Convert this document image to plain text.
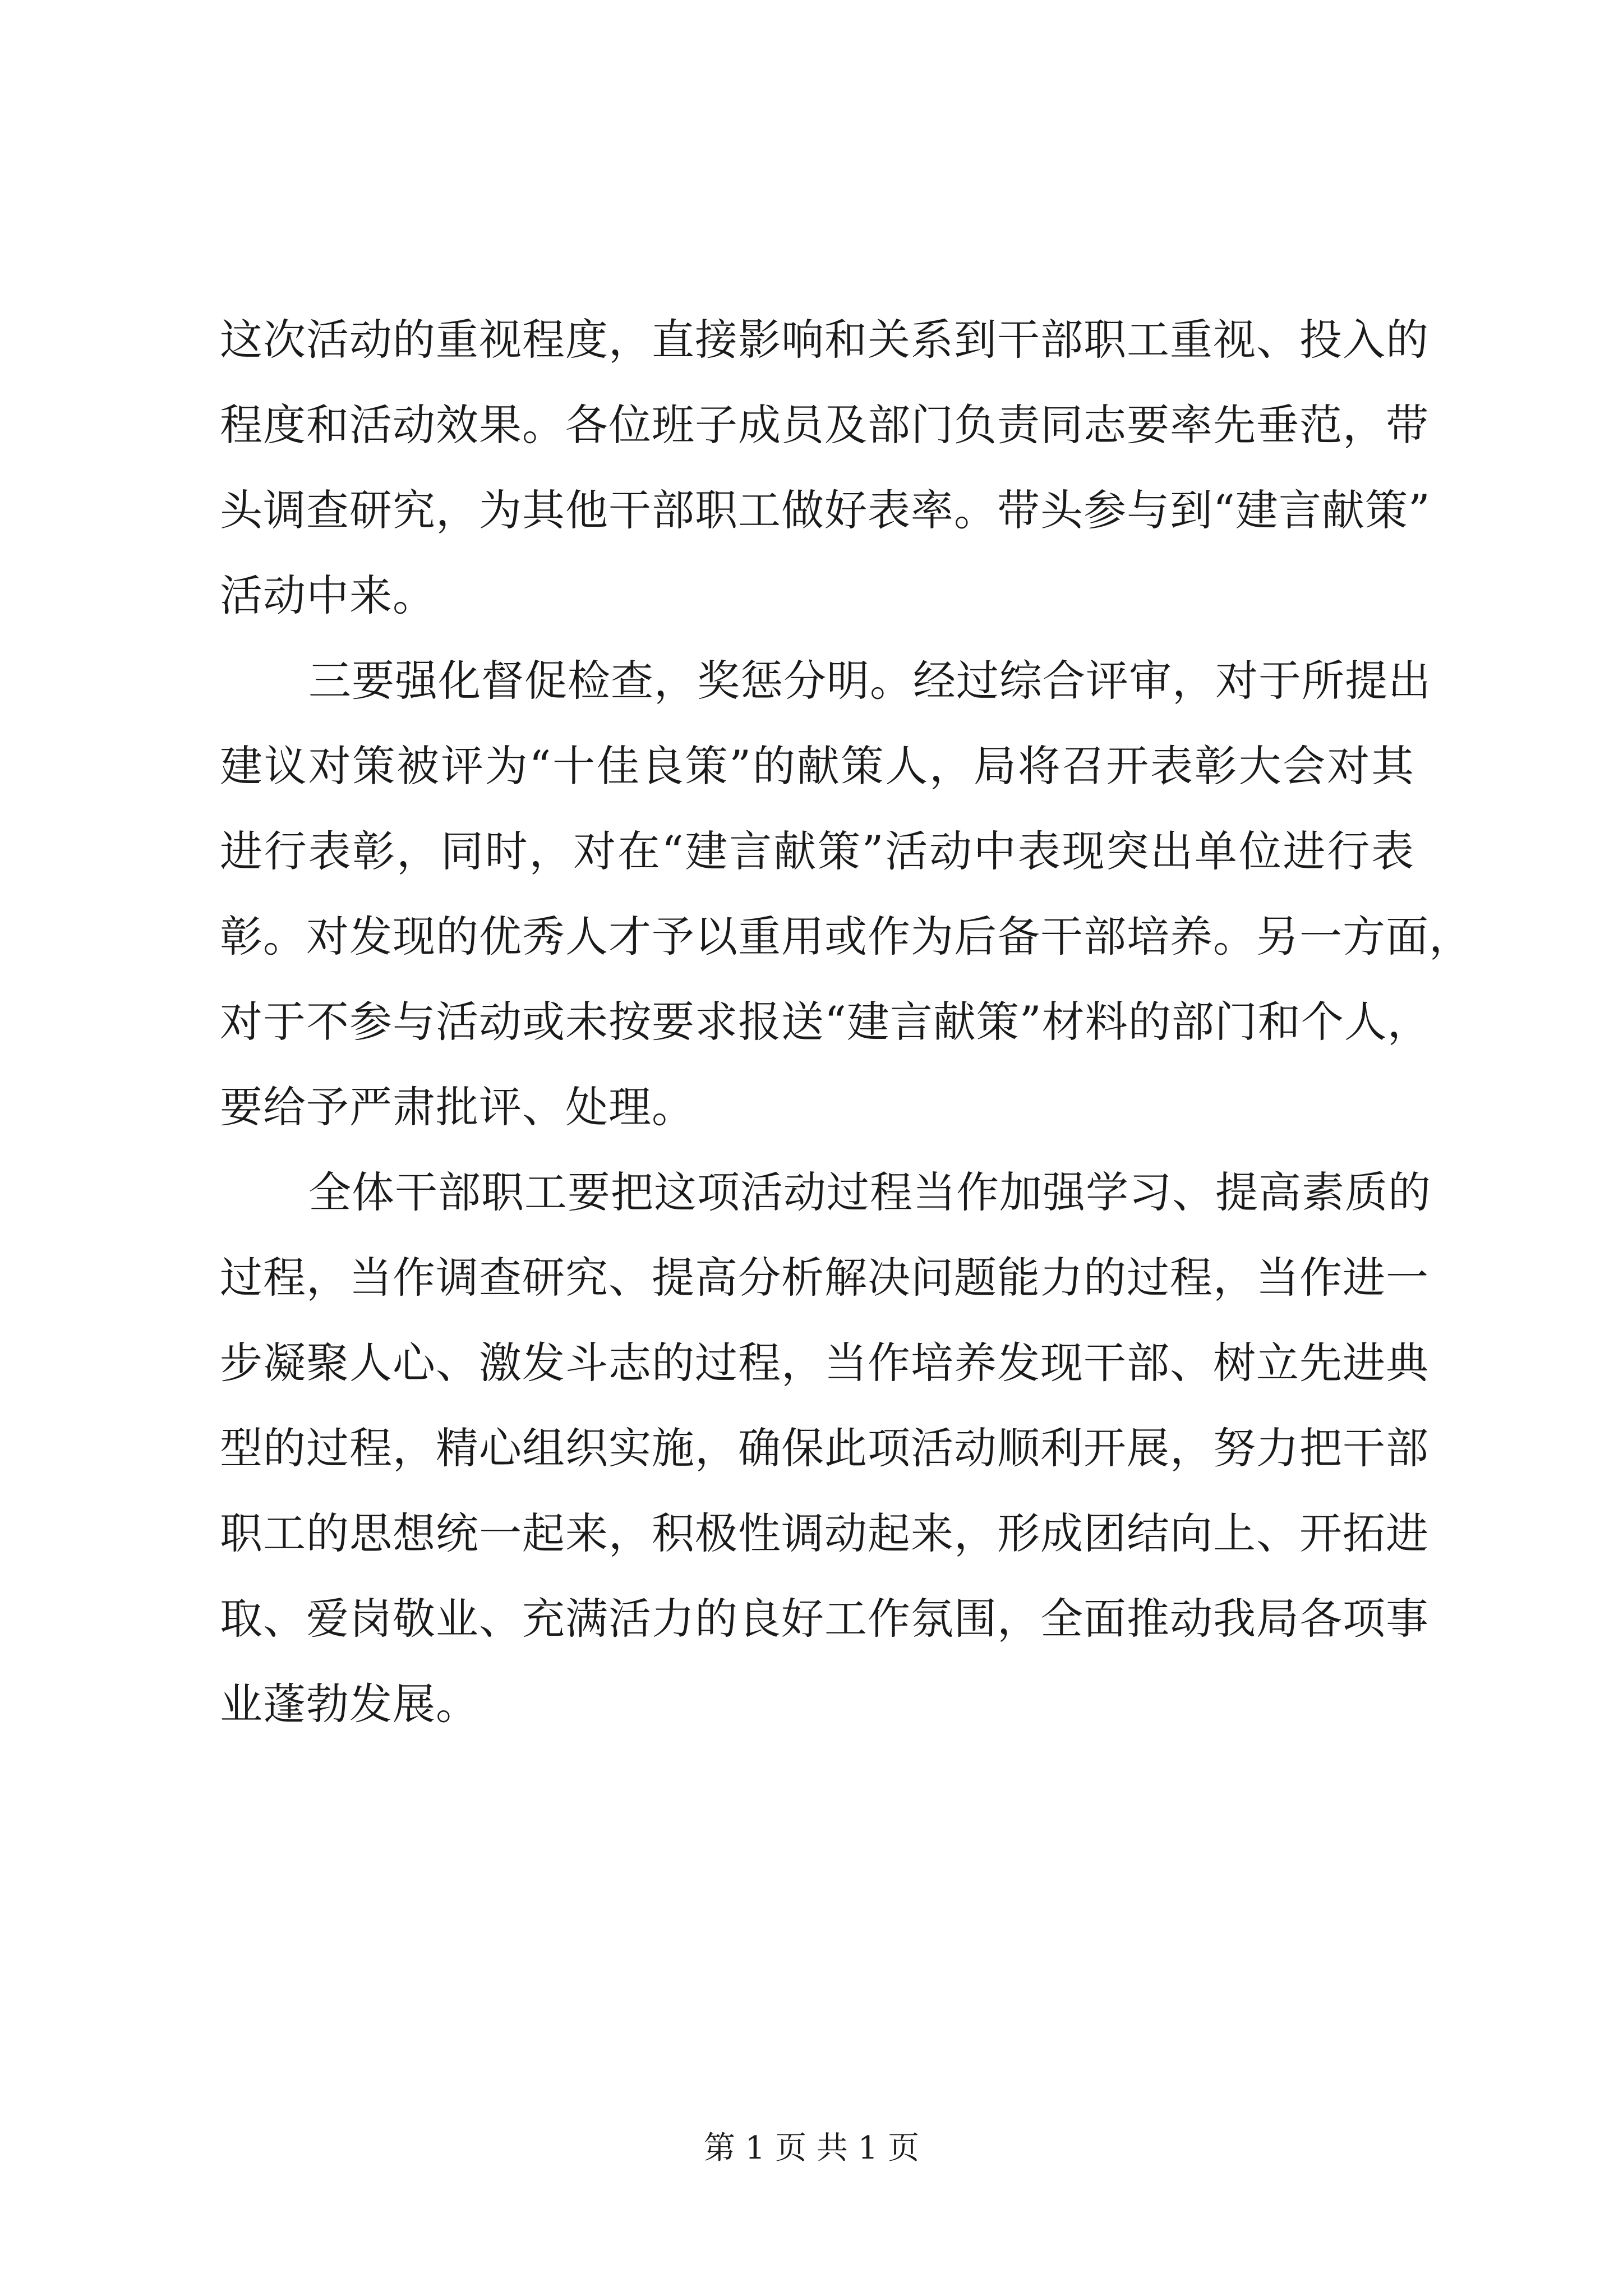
这次活动的重视程度，直接影响和关系到干部职工重视、投入的
程度和活动效果。各位班子成员及部门负责同志要率先垂范，带
头调查研究，为其他干部职工做好表率。带头参与到“建言献策”
活动中来。
三要强化督促检查，奖惩分明。经过综合评审，对于所提出
建议对策被评为“十佳良策”的献策人，局将召开表彰大会对其
进行表彰，同时，对在“建言献策”活动中表现突出单位进行表
彰。对发现的优秀人才予以重用或作为后备干部培养。另一方面，
对于不参与活动或未按要求报送“建言献策”材料的部门和个人，
要给予严肃批评、处理。
全体干部职工要把这项活动过程当作加强学习、提高素质的
过程，当作调查研究、提高分析解决问题能力的过程，当作进一
步凝聚人心、激发斗志的过程，当作培养发现干部、树立先进典
型的过程，精心组织实施，确保此项活动顺利开展，努力把干部
职工的思想统一起来，积极性调动起来，形成团结向上、开拓进
取、爱岗敬业、充满活力的良好工作氛围，全面推动我局各项事
业蓬勃发展。
第 1 页 共 1 页
